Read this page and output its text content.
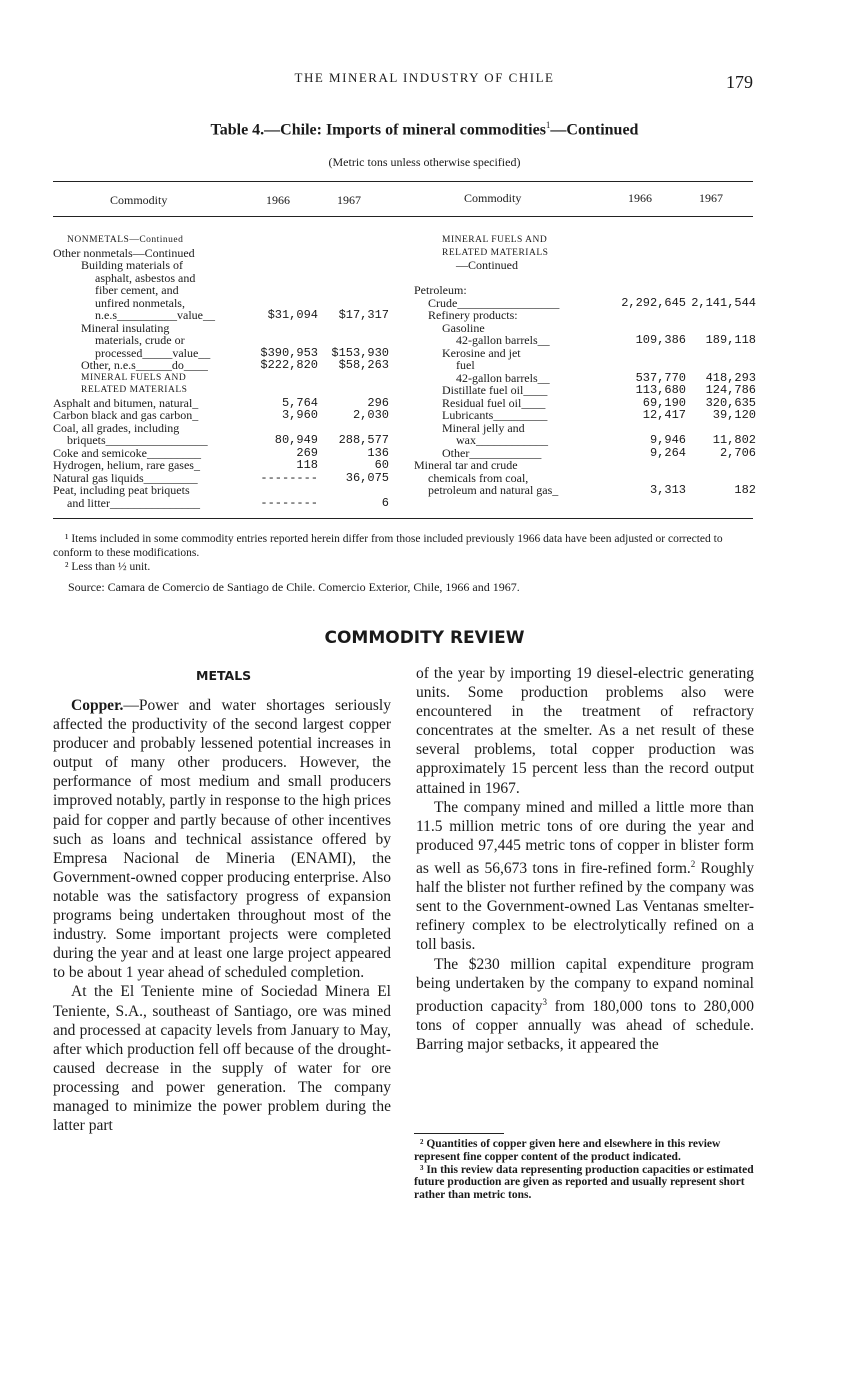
THE MINERAL INDUSTRY OF CHILE	179
Table 4.—Chile: Imports of mineral commodities$^1$—Continued
(Metric tons unless otherwise specified)
Commodity	1966	1967	Commodity	1966	1967
NONMETALS—Continued
Other nonmetals—Continued
Building materials of
asphalt, asbestos and
fiber cement, and
unfired nonmetals,
n.e.s__________value__	$31,094 $17,317
Mineral insulating
materials, crude or
processed_____value__	$390,953 $153,930
Other, n.e.s______do____	$222,820 $58,263
MINERAL FUELS AND
RELATED MATERIALS
Asphalt and bitumen, natural_	5,764	296
Carbon black and gas carbon_	3,960	2,030
Coal, all grades, including
briquets_________________	80,949 288,577
Coke and semicoke_________	269	136
Hydrogen, helium, rare gases_	118	60
Natural gas liquids_________	-------- 36,075
Peat, including peat briquets
and litter_______________	--------	6
MINERAL FUELS AND
RELATED MATERIALS
—Continued
Petroleum:
Crude_________________	2,292,645 2,141,544
Refinery products:
Gasoline
42-gallon barrels__	109,386 189,118
Kerosine and jet
fuel
42-gallon barrels__	537,770 418,293
Distillate fuel oil____	113,680 124,786
Residual fuel oil____	69,190 320,635
Lubricants_________	12,417 39,120
Mineral jelly and
wax____________	9,946 11,802
Other____________	9,264	2,706
Mineral tar and crude
chemicals from coal,
petroleum and natural gas_	3,313	182
¹ Items included in some commodity entries reported herein differ from those included previously 1966 data have been adjusted or corrected to conform to these modifications.
² Less than ½ unit.
Source: Camara de Comercio de Santiago de Chile. Comercio Exterior, Chile, 1966 and 1967.
COMMODITY REVIEW
METALS

Copper.—Power and water shortages seriously affected the productivity of the second largest copper producer and probably lessened potential increases in output of many other producers. However, the performance of most medium and small producers improved notably, partly in response to the high prices paid for copper and partly because of other incentives such as loans and technical assistance offered by Empresa Nacional de Mineria (ENAMI), the Government-owned copper producing enterprise. Also notable was the satisfactory progress of expansion programs being undertaken throughout most of the industry. Some important projects were completed during the year and at least one large project appeared to be about 1 year ahead of scheduled completion.

At the El Teniente mine of Sociedad Minera El Teniente, S.A., southeast of Santiago, ore was mined and processed at capacity levels from January to May, after which production fell off because of the drought-caused decrease in the supply of water for ore processing and power generation. The company managed to minimize the power problem during the latter part

of the year by importing 19 diesel-electric generating units. Some production problems also were encountered in the treatment of refractory concentrates at the smelter. As a net result of these several problems, total copper production was approximately 15 percent less than the record output attained in 1967.

The company mined and milled a little more than 11.5 million metric tons of ore during the year and produced 97,445 metric tons of copper in blister form as well as 56,673 tons in fire-refined form.$^2$ Roughly half the blister not further refined by the company was sent to the Government-owned Las Ventanas smelter-refinery complex to be electrolytically refined on a toll basis.

The $230 million capital expenditure program being undertaken by the company to expand nominal production capacity$^3$ from 180,000 tons to 280,000 tons of copper annually was ahead of schedule. Barring major setbacks, it appeared the

² Quantities of copper given here and elsewhere in this review represent fine copper content of the product indicated.

³ In this review data representing production capacities or estimated future production are given as reported and usually represent short rather than metric tons.
